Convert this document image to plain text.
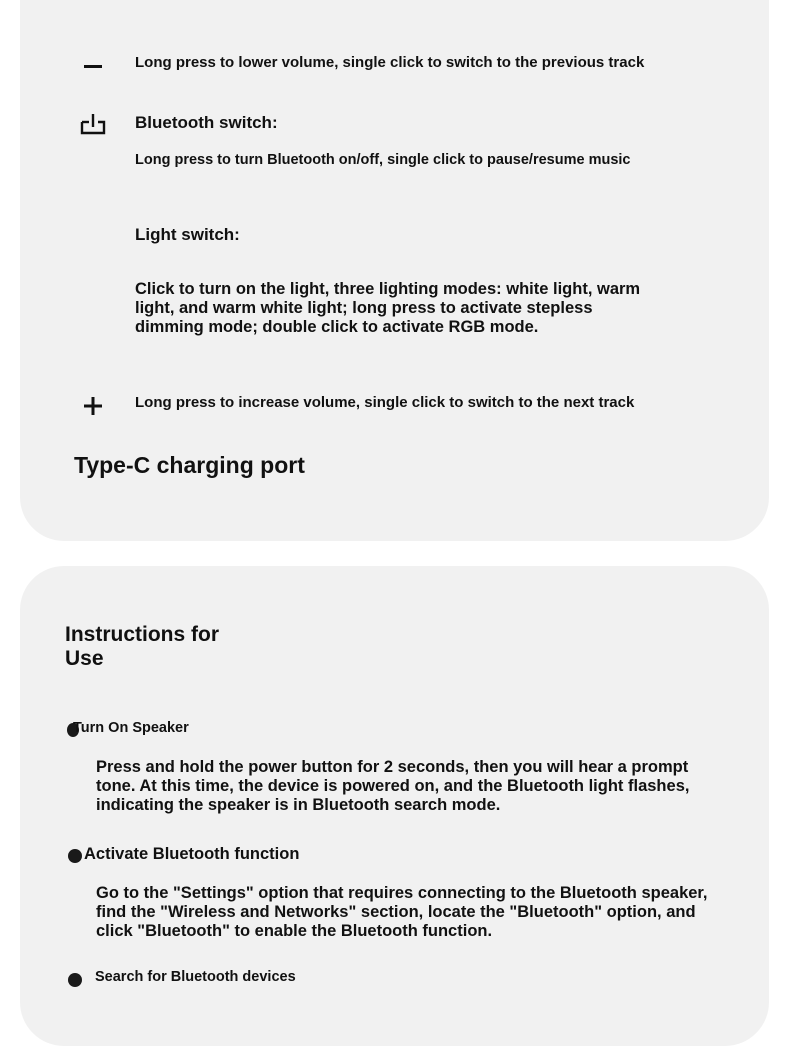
Long press to lower volume, single click to switch to the previous track
Bluetooth switch:
Long press to turn Bluetooth on/off, single click to pause/resume music
Light switch:
Click to turn on the light, three lighting modes: white light, warm light, and warm white light; long press to activate stepless dimming mode; double click to activate RGB mode.
Long press to increase volume, single click to switch to the next track
Type-C charging port
Instructions for Use
Turn On Speaker
Press and hold the power button for 2 seconds, then you will hear a prompt tone. At this time, the device is powered on, and the Bluetooth light flashes, indicating the speaker is in Bluetooth search mode.
Activate Bluetooth function
Go to the "Settings" option that requires connecting to the Bluetooth speaker, find the "Wireless and Networks" section, locate the "Bluetooth" option, and click "Bluetooth" to enable the Bluetooth function.
Search for Bluetooth devices
